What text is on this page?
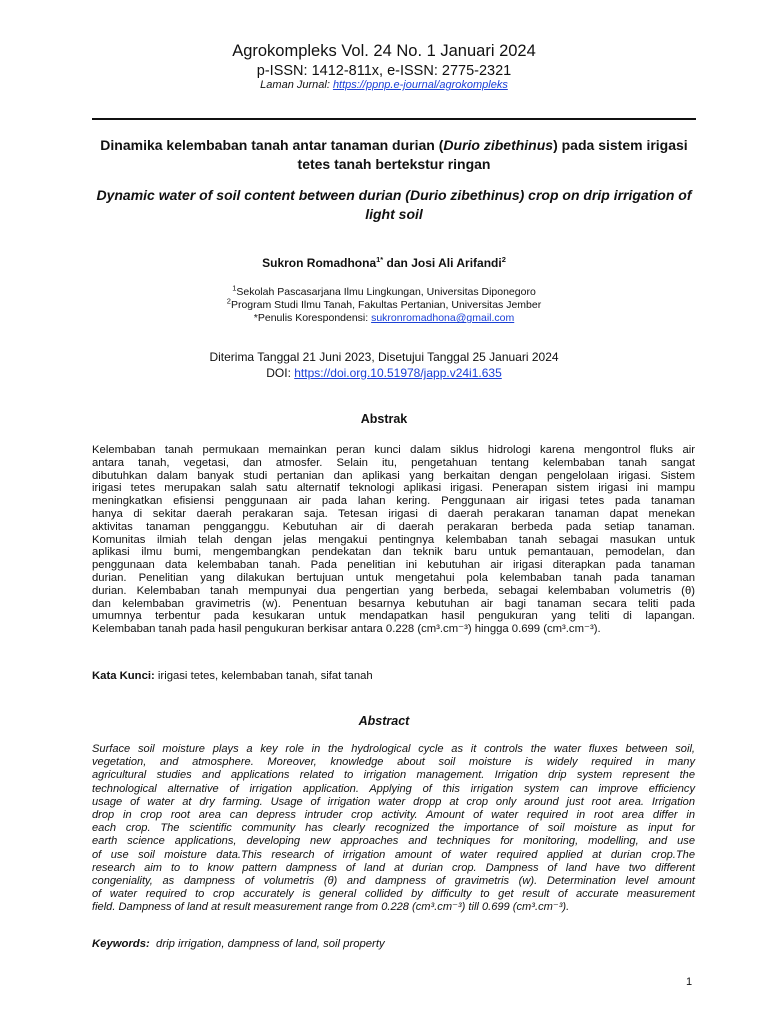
Agrokompleks Vol. 24 No. 1 Januari 2024
p-ISSN: 1412-811x, e-ISSN: 2775-2321
Laman Jurnal: https://ppnp.e-journal/agrokompleks
Dinamika kelembaban tanah antar tanaman durian (Durio zibethinus) pada sistem irigasi tetes tanah bertekstur ringan
Dynamic water of soil content between durian (Durio zibethinus) crop on drip irrigation of light soil
Sukron Romadhona$^{1*}$ dan Josi Ali Arifandi$^2$
$^1$Sekolah Pascasarjana Ilmu Lingkungan, Universitas Diponegoro
$^2$Program Studi Ilmu Tanah, Fakultas Pertanian, Universitas Jember
*Penulis Korespondensi: sukronromadhona@gmail.com
Diterima Tanggal 21 Juni 2023, Disetujui Tanggal 25 Januari 2024
DOI: https://doi.org.10.51978/japp.v24i1.635
Abstrak
Kelembaban tanah permukaan memainkan peran kunci dalam siklus hidrologi karena mengontrol fluks air
antara tanah, vegetasi, dan atmosfer. Selain itu, pengetahuan tentang kelembaban tanah sangat
dibutuhkan dalam banyak studi pertanian dan aplikasi yang berkaitan dengan pengelolaan irigasi. Sistem
irigasi tetes merupakan salah satu alternatif teknologi aplikasi irigasi. Penerapan sistem irigasi ini mampu
meningkatkan efisiensi penggunaan air pada lahan kering. Penggunaan air irigasi tetes pada tanaman
hanya di sekitar daerah perakaran saja. Tetesan irigasi di daerah perakaran tanaman dapat menekan
aktivitas tanaman pengganggu. Kebutuhan air di daerah perakaran berbeda pada setiap tanaman.
Komunitas ilmiah telah dengan jelas mengakui pentingnya kelembaban tanah sebagai masukan untuk
aplikasi ilmu bumi, mengembangkan pendekatan dan teknik baru untuk pemantauan, pemodelan, dan
penggunaan data kelembaban tanah. Pada penelitian ini kebutuhan air irigasi diterapkan pada tanaman
durian. Penelitian yang dilakukan bertujuan untuk mengetahui pola kelembaban tanah pada tanaman
durian. Kelembaban tanah mempunyai dua pengertian yang berbeda, sebagai kelembaban volumetris (θ)
dan kelembaban gravimetris (w). Penentuan besarnya kebutuhan air bagi tanaman secara teliti pada
umumnya terbentur pada kesukaran untuk mendapatkan hasil pengukuran yang teliti di lapangan.
Kelembaban tanah pada hasil pengukuran berkisar antara 0.228 (cm³.cm⁻³) hingga 0.699 (cm³.cm⁻³).
Kata Kunci: irigasi tetes, kelembaban tanah, sifat tanah
Abstract
Surface soil moisture plays a key role in the hydrological cycle as it controls the water fluxes between soil,
vegetation, and atmosphere. Moreover, knowledge about soil moisture is widely required in many
agricultural studies and applications related to irrigation management. Irrigation drip system represent the
technological alternative of irrigation application. Applying of this irrigation system can improve efficiency
usage of water at dry farming. Usage of irrigation water dropp at crop only around just root area. Irrigation
drop in crop root area can depress intruder crop activity. Amount of water required in root area differ in
each crop. The scientific community has clearly recognized the importance of soil moisture as input for
earth science applications, developing new approaches and techniques for monitoring, modelling, and use
of use soil moisture data.This research of irrigation amount of water required applied at durian crop.The
research aim to to know pattern dampness of land at durian crop. Dampness of land have two different
congeniality, as dampness of volumetris (θ) and dampness of gravimetris (w). Determination level amount
of water required to crop accurately is general collided by difficulty to get result of accurate measurement
field. Dampness of land at result measurement range from 0.228 (cm³.cm⁻³) till 0.699 (cm³.cm⁻³).
Keywords:  drip irrigation, dampness of land, soil property
1
